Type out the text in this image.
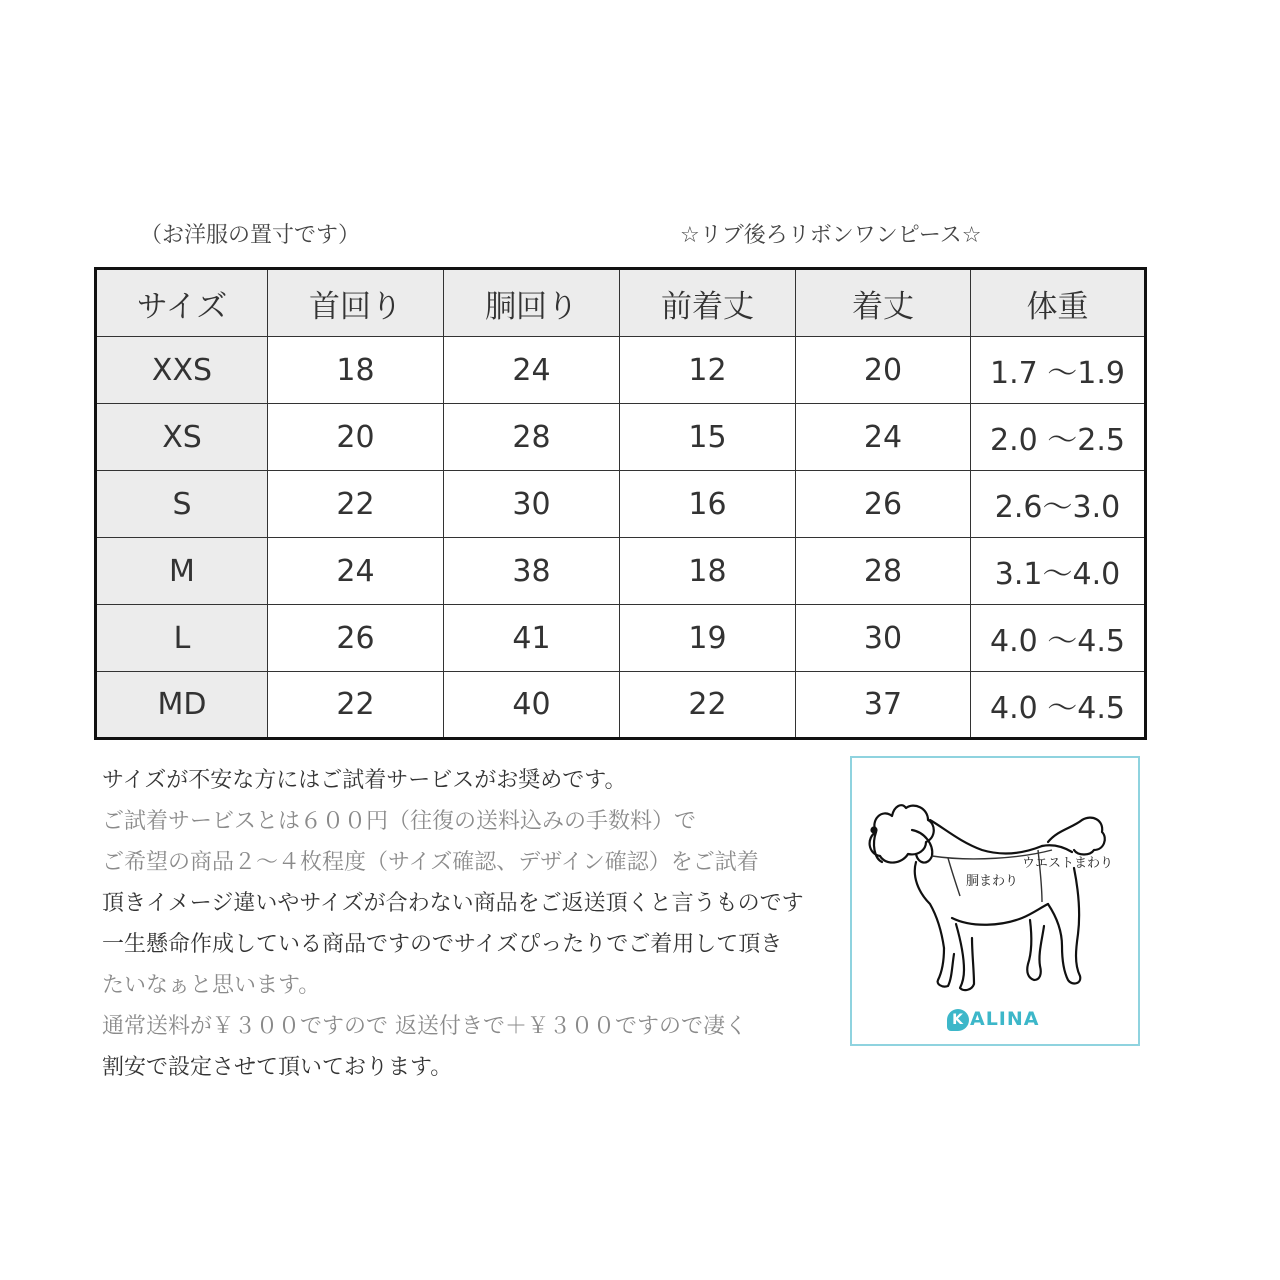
（お洋服の置寸です）	☆リブ後ろリボンワンピース☆
サイズ	首回り	胴回り	前着丈	着丈	体重
XXS	18	24	12	20	1.7 〜1.9
XS	20	28	15	24	2.0 〜2.5
S	22	30	16	26	2.6〜3.0
M	24	38	18	28	3.1〜4.0
L	26	41	19	30	4.0 〜4.5
MD	22	40	22	37	4.0 〜4.5
サイズが不安な方にはご試着サービスがお奨めです。
ご試着サービスとは６００円（往復の送料込みの手数料）で
ご希望の商品２〜４枚程度（サイズ確認、デザイン確認）をご試着
頂きイメージ違いやサイズが合わない商品をご返送頂くと言うものです
一生懸命作成している商品ですのでサイズぴったりでご着用して頂き
たいなぁと思います。
通常送料が￥３００ですので 返送付きで＋￥３００ですので凄く
割安で設定させて頂いております。
ウエストまわり
胴まわり
K ALINA
